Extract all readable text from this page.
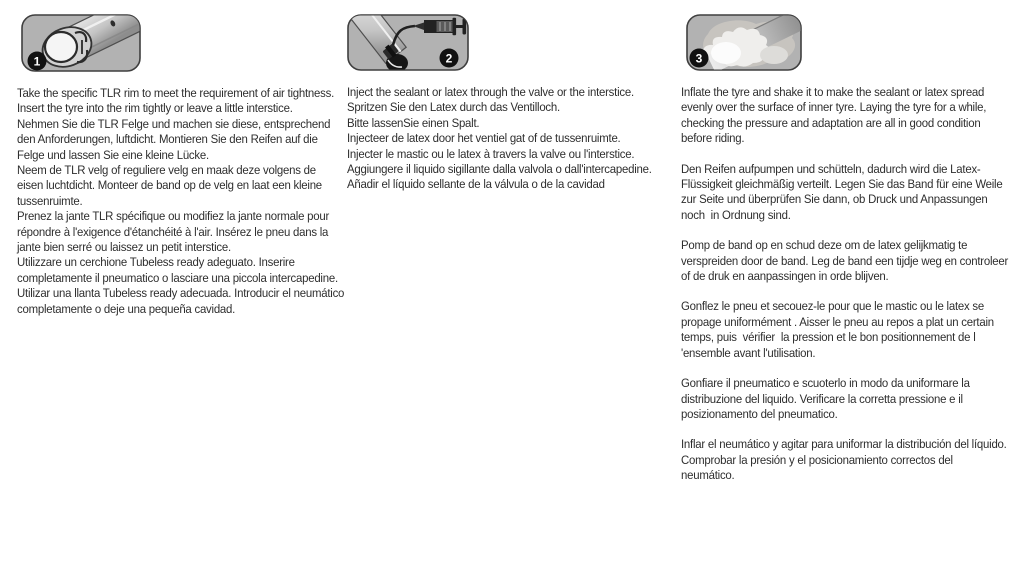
1

Take the specific TLR rim to meet the requirement of air tightness. Insert the tyre into the rim tightly or leave a little interstice.

Nehmen Sie die TLR Felge und machen sie diese, entsprechend den Anforderungen, luftdicht. Montieren Sie den Reifen auf die Felge und lassen Sie eine kleine Lücke.

Neem de TLR velg of reguliere velg en maak deze volgens de eisen luchtdicht. Monteer de band op de velg en laat een kleine tussenruimte.

Prenez la jante TLR spécifique ou modifiez la jante normale pour répondre à l'exigence d'étanchéité à l'air. Insérez le pneu dans la jante bien serré ou laissez un petit interstice.

Utilizzare un cerchione Tubeless ready adeguato. Inserire completamente il pneumatico o lasciare una piccola intercapedine.

Utilizar una llanta Tubeless ready adecuada. Introducir el neumático completamente o deje una pequeña cavidad.

2

Inject the sealant or latex through the valve or the interstice.

Spritzen Sie den Latex durch das Ventilloch.

Bitte lassenSie einen Spalt.

Injecteer de latex door het ventiel gat of de tussenruimte.

Injecter le mastic ou le latex à travers la valve ou l'interstice.

Aggiungere il liquido sigillante dalla valvola o dall'intercapedine.

Añadir el líquido sellante de la válvula o de la cavidad

3

Inflate the tyre and shake it to make the sealant or latex spread evenly over the surface of inner tyre. Laying the tyre for a while, checking the pressure and adaptation are all in good condition before riding.

Den Reifen aufpumpen und schütteln, dadurch wird die Latex- Flüssigkeit gleichmäßig verteilt. Legen Sie das Band für eine Weile  zur Seite und überprüfen Sie dann, ob Druck und Anpassungen  noch  in Ordnung sind.

Pomp de band op en schud deze om de latex gelijkmatig te verspreiden door de band. Leg de band een tijdje weg en controleer of de druk en aanpassingen in orde blijven.

Gonflez le pneu et secouez-le pour que le mastic ou le latex se propage uniformément . Aisser le pneu au repos a plat un certain temps, puis  vérifier  la pression et le bon positionnement de l 'ensemble avant l'utilisation.

Gonfiare il pneumatico e scuoterlo in modo da uniformare la distribuzione del liquido. Verificare la corretta pressione e il posizionamento del pneumatico.

Inflar el neumático y agitar para uniformar la distribución del líquido. Comprobar la presión y el posicionamiento correctos del neumático.
